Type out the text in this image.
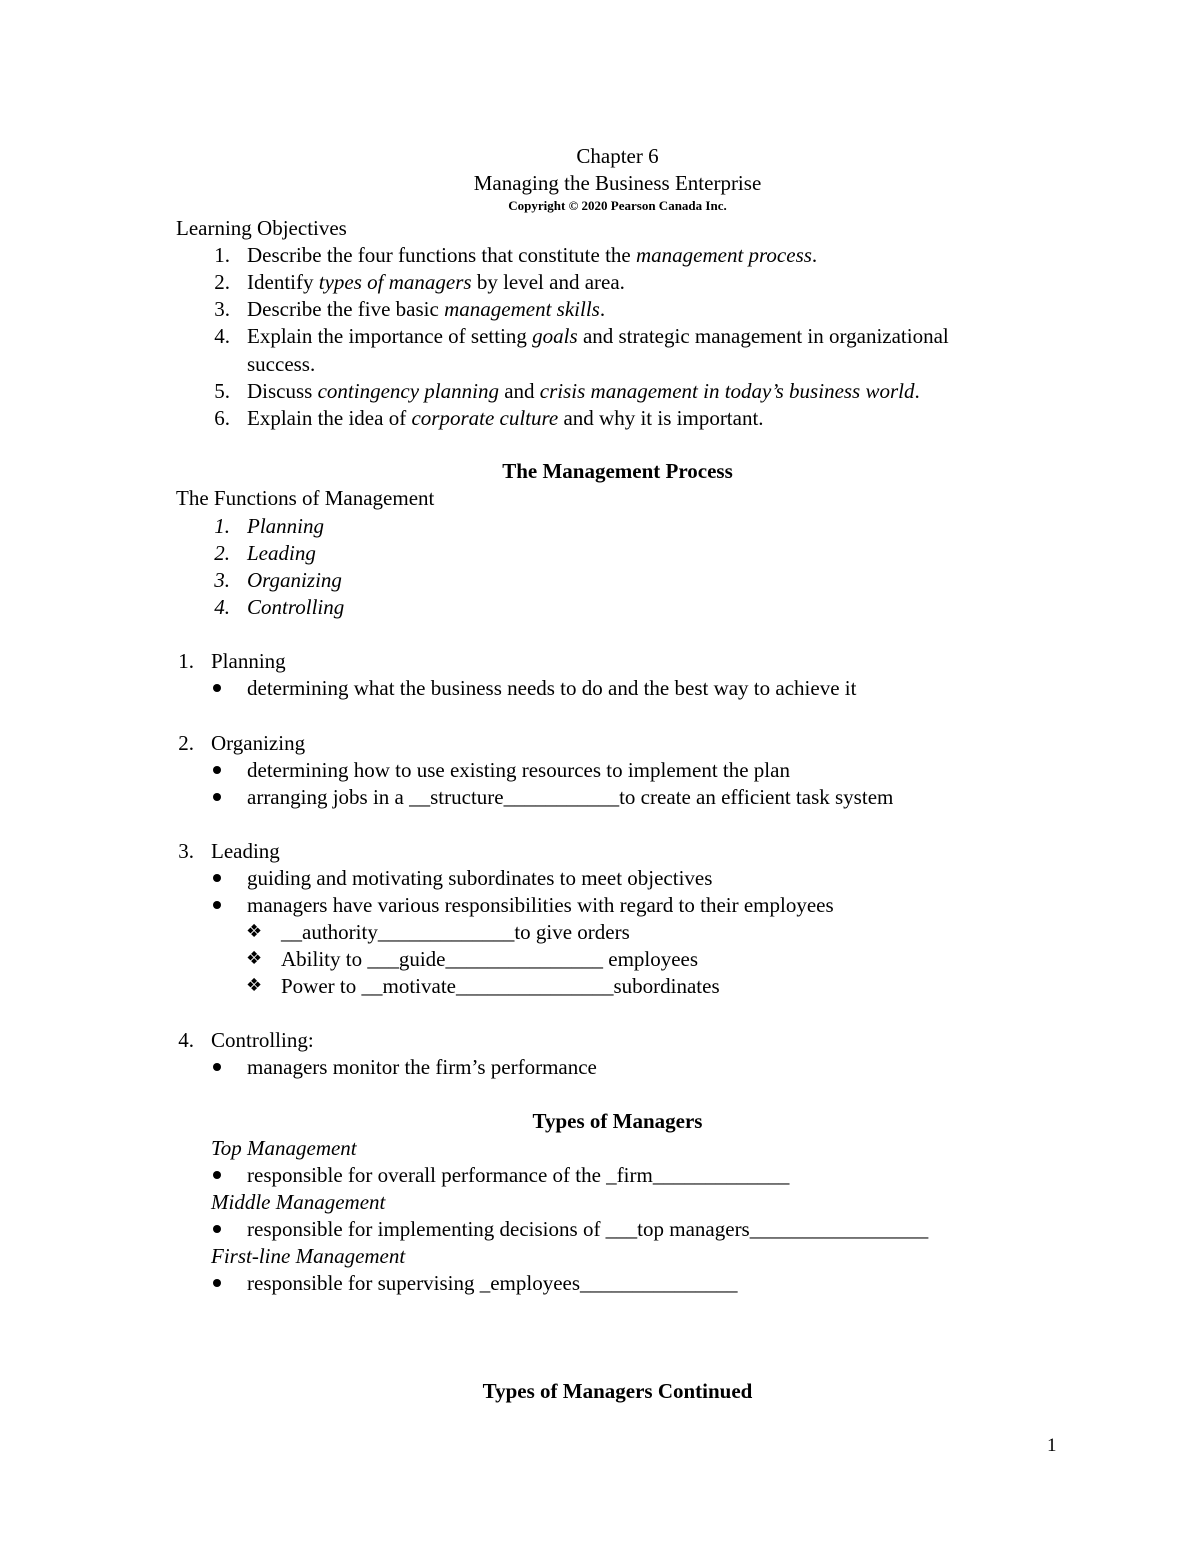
Chapter 6
Managing the Business Enterprise
Copyright © 2020 Pearson Canada Inc.
Learning Objectives
1. Describe the four functions that constitute the management process.
2. Identify types of managers by level and area.
3. Describe the five basic management skills.
4. Explain the importance of setting goals and strategic management in organizational
success.
5. Discuss contingency planning and crisis management in today’s business world.
6. Explain the idea of corporate culture and why it is important.
The Management Process
The Functions of Management
1. Planning
2. Leading
3. Organizing
4. Controlling
1. Planning
determining what the business needs to do and the best way to achieve it
2. Organizing
determining how to use existing resources to implement the plan
arranging jobs in a __structure___________to create an efficient task system
3. Leading
guiding and motivating subordinates to meet objectives
managers have various responsibilities with regard to their employees
❖ __authority_____________to give orders
❖ Ability to ___guide_______________ employees
❖ Power to __motivate_______________subordinates
4. Controlling:
managers monitor the firm’s performance
Types of Managers
Top Management
responsible for overall performance of the _firm_____________
Middle Management
responsible for implementing decisions of ___top managers_________________
First-line Management
responsible for supervising _employees_______________
Types of Managers Continued
1
